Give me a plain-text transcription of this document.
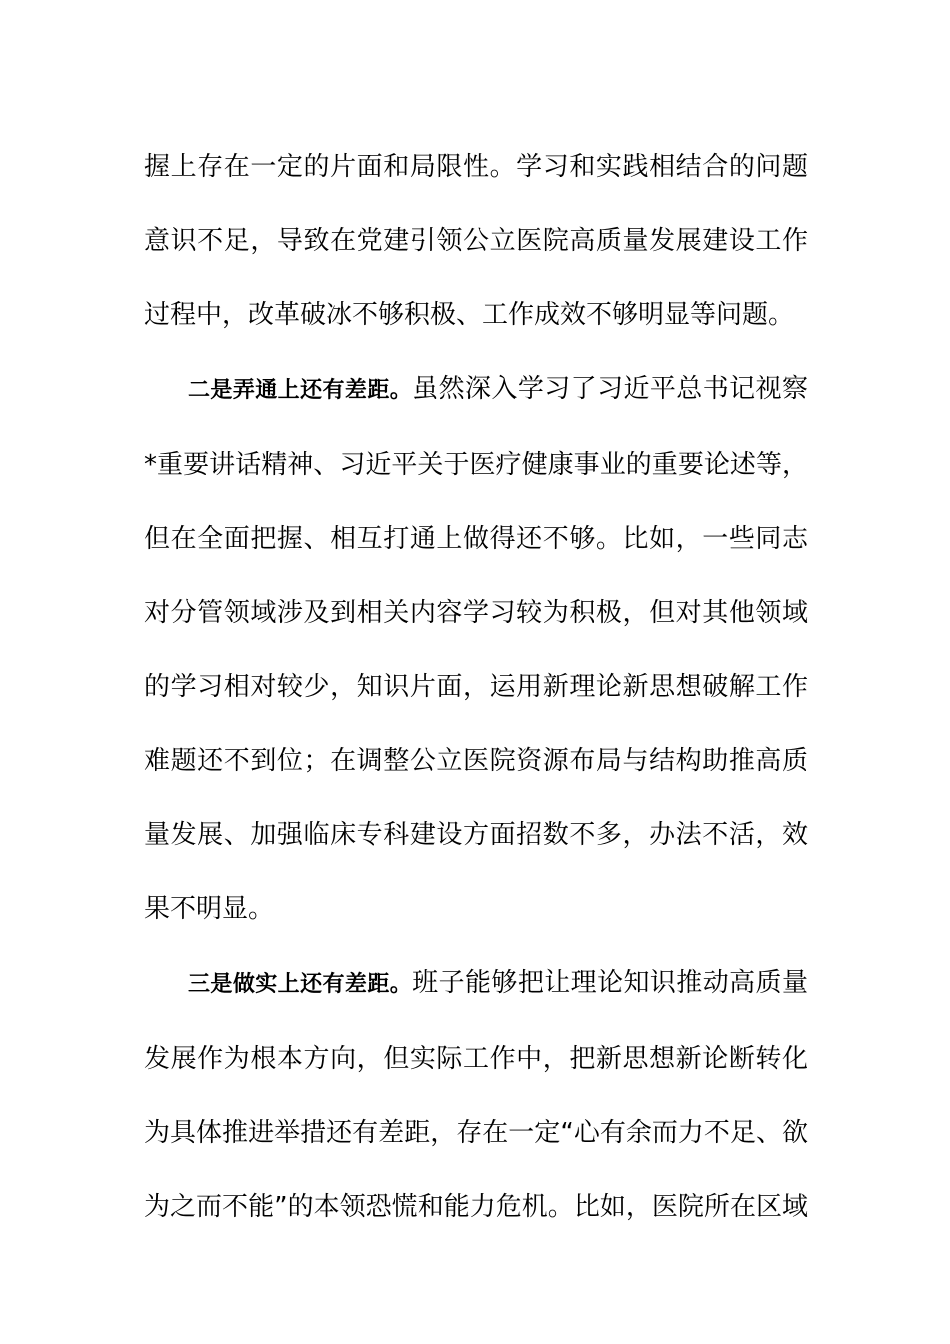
握上存在一定的片面和局限性。学习和实践相结合的问题
意识不足，导致在党建引领公立医院高质量发展建设工作
过程中，改革破冰不够积极、工作成效不够明显等问题。
二是弄通上还有差距。虽然深入学习了习近平总书记视察
*重要讲话精神、习近平关于医疗健康事业的重要论述等，
但在全面把握、相互打通上做得还不够。比如，一些同志
对分管领域涉及到相关内容学习较为积极，但对其他领域
的学习相对较少，知识片面，运用新理论新思想破解工作
难题还不到位；在调整公立医院资源布局与结构助推高质
量发展、加强临床专科建设方面招数不多，办法不活，效
果不明显。
三是做实上还有差距。班子能够把让理论知识推动高质量
发展作为根本方向，但实际工作中，把新思想新论断转化
为具体推进举措还有差距，存在一定“心有余而力不足、欲
为之而不能”的本领恐慌和能力危机。比如，医院所在区域
